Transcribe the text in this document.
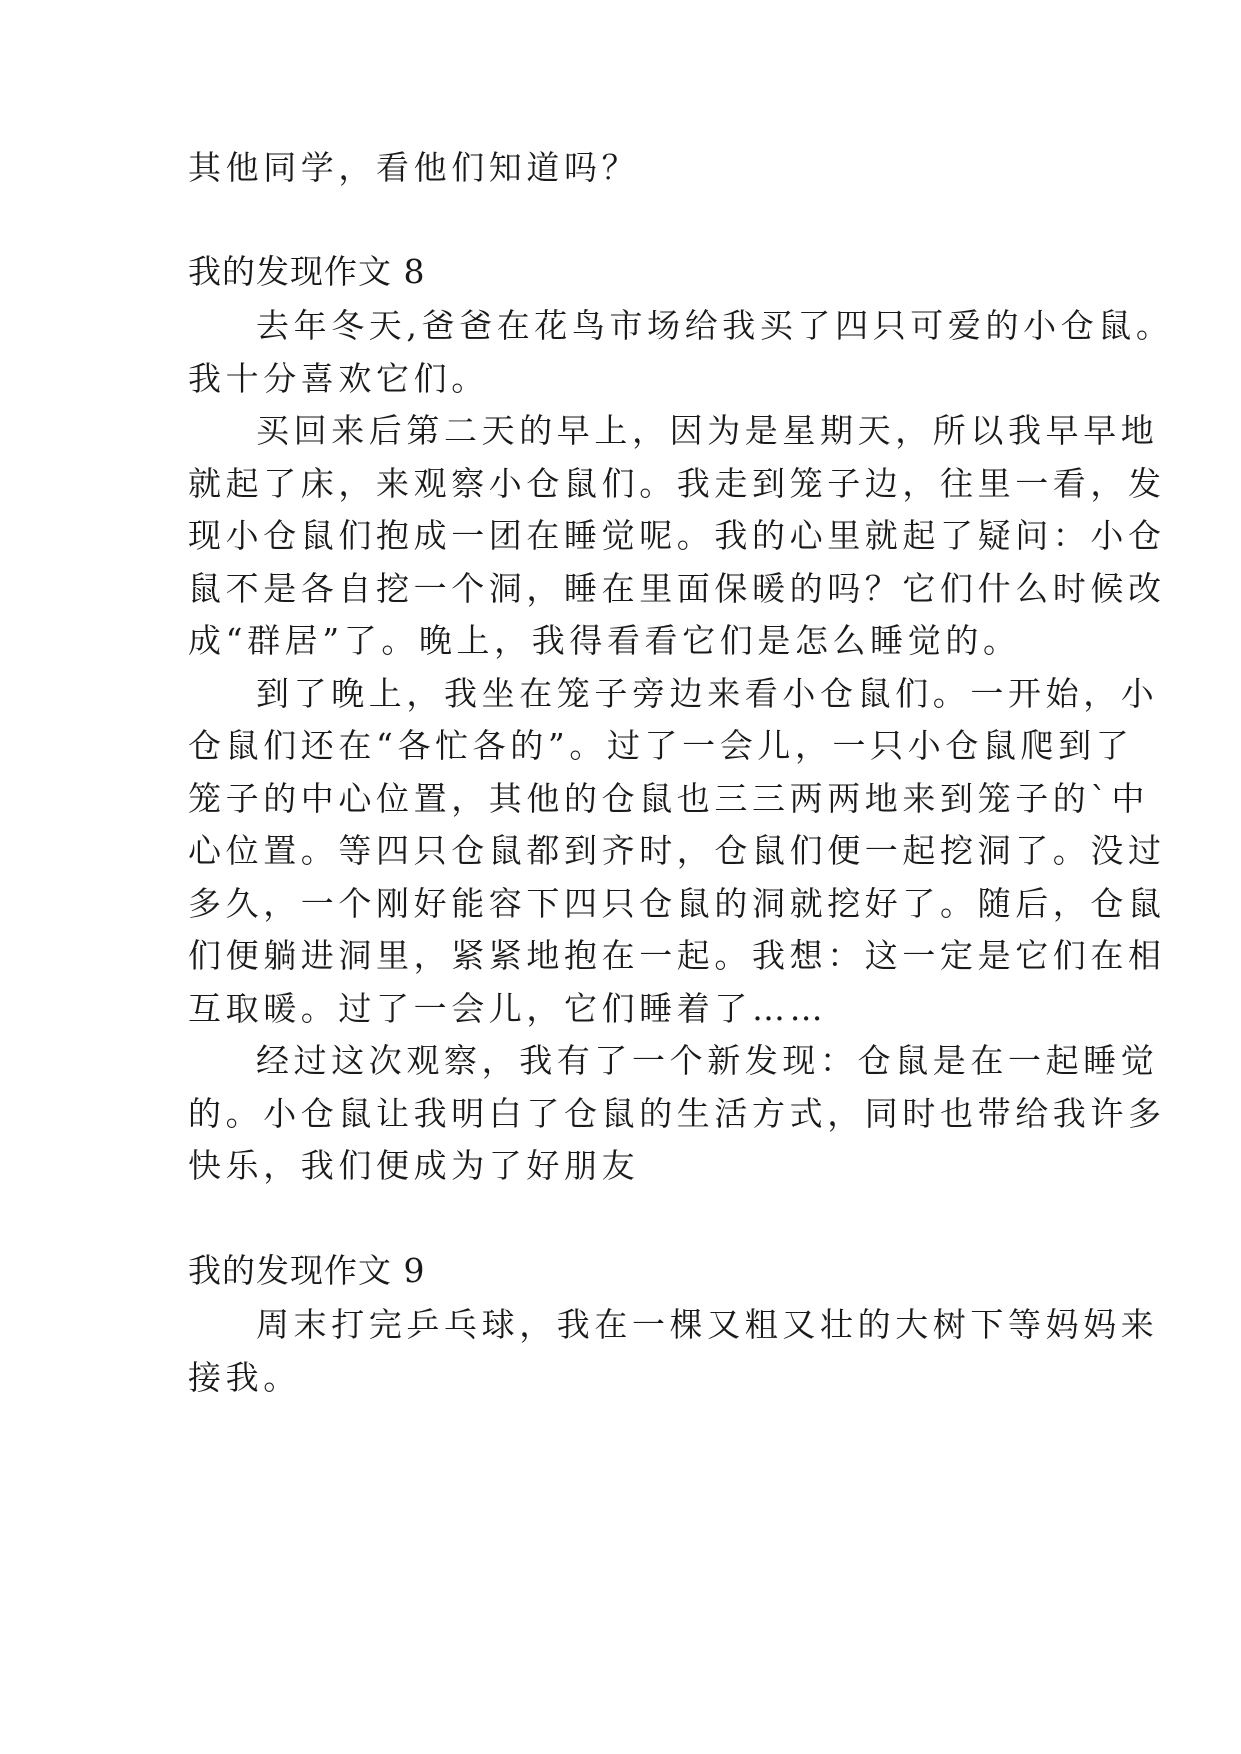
其他同学，看他们知道吗？
我的发现作文 8
去年冬天,爸爸在花鸟市场给我买了四只可爱的小仓鼠。
我十分喜欢它们。
买回来后第二天的早上，因为是星期天，所以我早早地
就起了床，来观察小仓鼠们。我走到笼子边，往里一看，发
现小仓鼠们抱成一团在睡觉呢。我的心里就起了疑问：小仓
鼠不是各自挖一个洞，睡在里面保暖的吗？它们什么时候改
成“群居”了。晚上，我得看看它们是怎么睡觉的。
到了晚上，我坐在笼子旁边来看小仓鼠们。一开始，小
仓鼠们还在“各忙各的”。过了一会儿，一只小仓鼠爬到了
笼子的中心位置，其他的仓鼠也三三两两地来到笼子的`中
心位置。等四只仓鼠都到齐时，仓鼠们便一起挖洞了。没过
多久，一个刚好能容下四只仓鼠的洞就挖好了。随后，仓鼠
们便躺进洞里，紧紧地抱在一起。我想：这一定是它们在相
互取暖。过了一会儿，它们睡着了……
经过这次观察，我有了一个新发现：仓鼠是在一起睡觉
的。小仓鼠让我明白了仓鼠的生活方式，同时也带给我许多
快乐，我们便成为了好朋友
我的发现作文 9
周末打完乒乓球，我在一棵又粗又壮的大树下等妈妈来
接我。
